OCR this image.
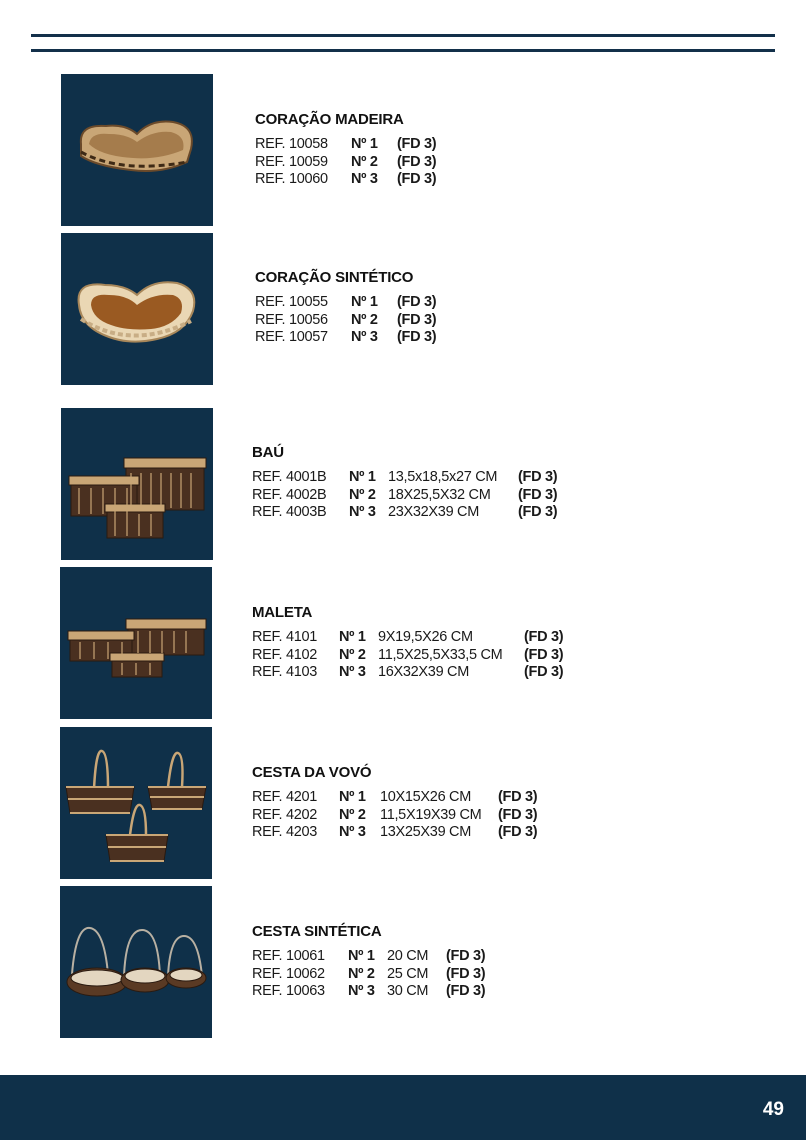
CORAÇÃO MADEIRA
REF. 10058 Nº 1 (FD 3)
REF. 10059 Nº 2 (FD 3)
REF. 10060 Nº 3 (FD 3)
CORAÇÃO SINTÉTICO
REF. 10055 Nº 1 (FD 3)
REF. 10056 Nº 2 (FD 3)
REF. 10057 Nº 3 (FD 3)
BAÚ
REF. 4001B Nº 1 13,5x18,5x27 CM (FD 3)
REF. 4002B Nº 2 18X25,5X32 CM (FD 3)
REF. 4003B Nº 3 23X32X39 CM	(FD 3)
MALETA
REF. 4101 Nº 1 9X19,5X26 CM	(FD 3)
REF. 4102 Nº 2 11,5X25,5X33,5 CM (FD 3)
REF. 4103 Nº 3 16X32X39 CM	(FD 3)
CESTA DA VOVÓ
REF. 4201 Nº 1 10X15X26 CM (FD 3)
REF. 4202 Nº 2 11,5X19X39 CM (FD 3)
REF. 4203 Nº 3 13X25X39 CM (FD 3)
CESTA SINTÉTICA
REF. 10061 Nº 1 20 CM (FD 3)
REF. 10062 Nº 2 25 CM (FD 3)
REF. 10063 Nº 3 30 CM (FD 3)
49
